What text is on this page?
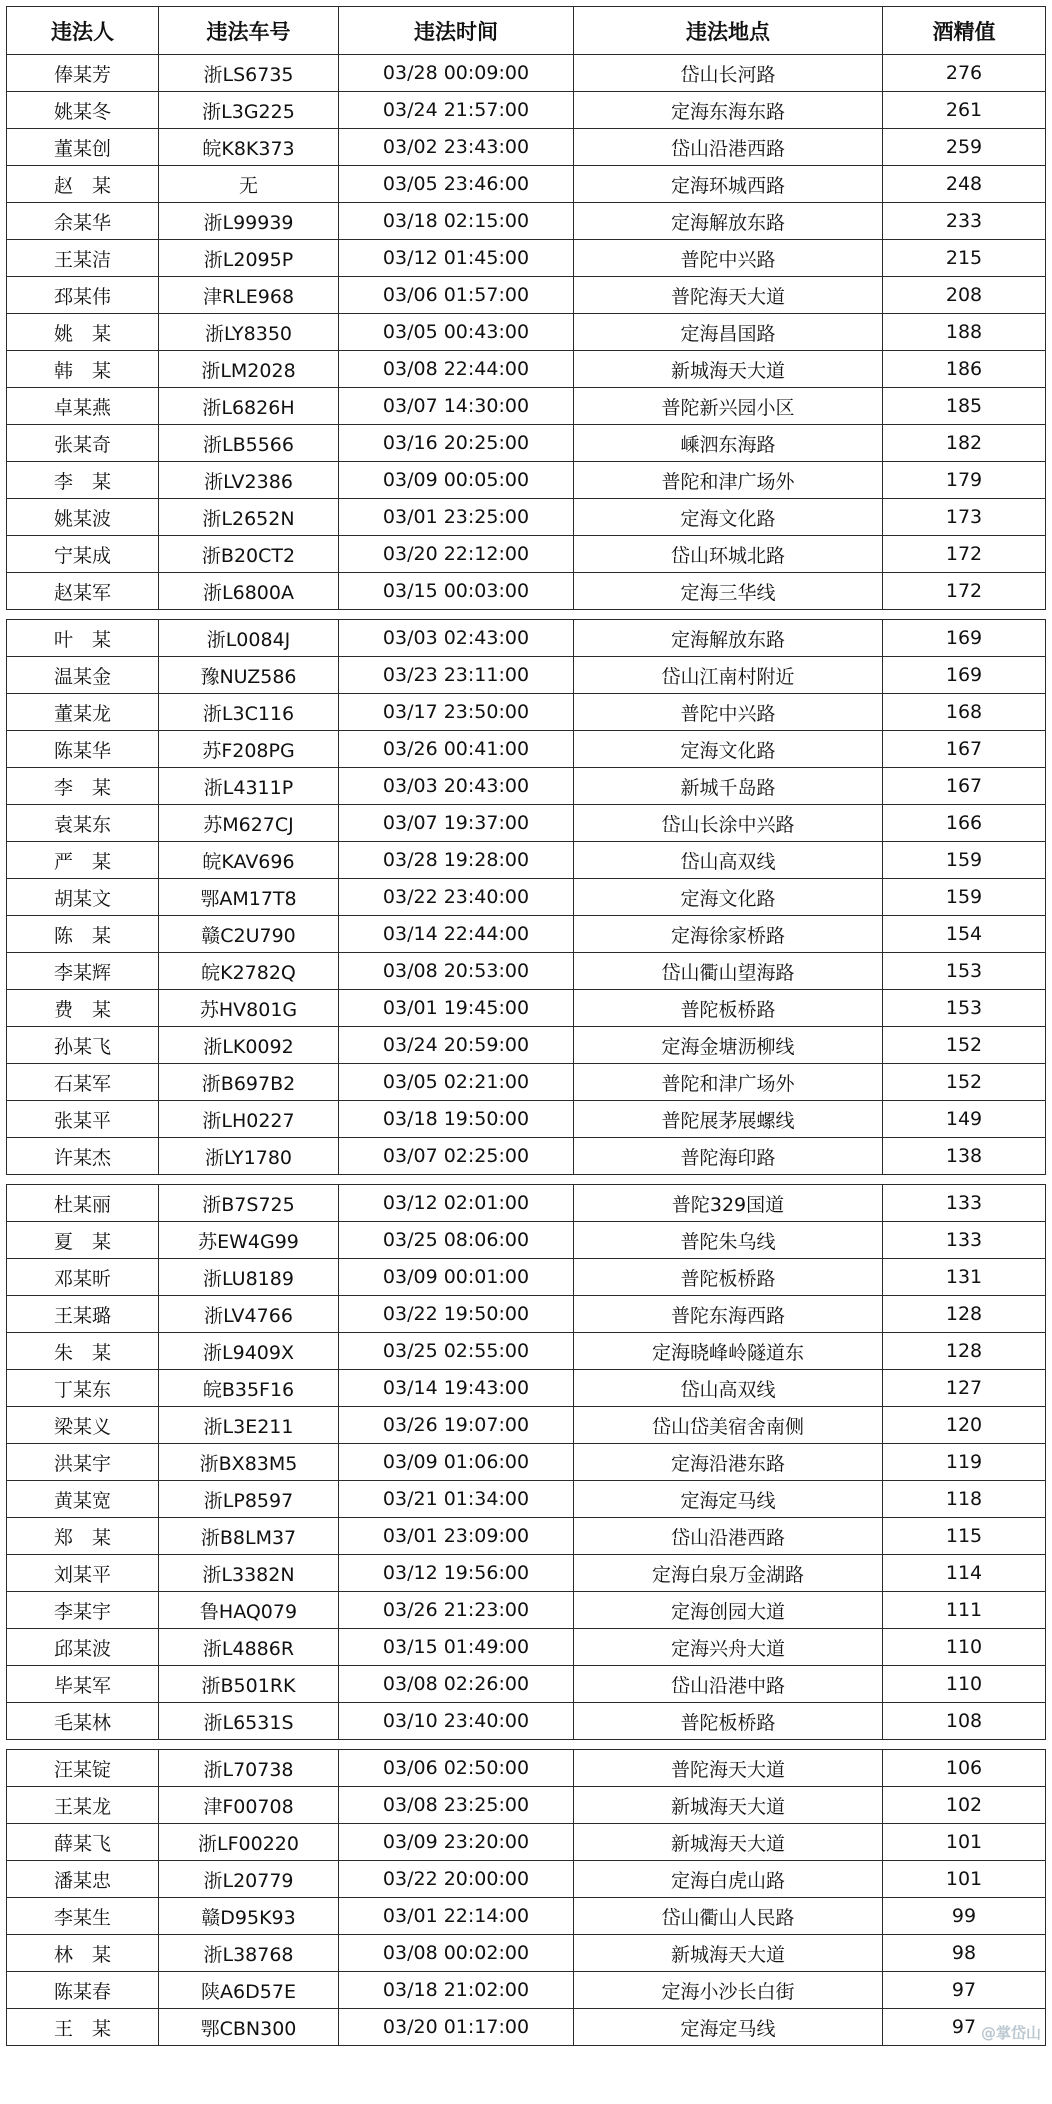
违法人	违法车号	违法时间	违法地点	酒精值
俸某芳	浙LS6735	03/28 00:09:00	岱山长河路	276
姚某冬	浙L3G225	03/24 21:57:00	定海东海东路	261
董某创	皖K8K373	03/02 23:43:00	岱山沿港西路	259
赵　某	无	03/05 23:46:00	定海环城西路	248
余某华	浙L99939	03/18 02:15:00	定海解放东路	233
王某洁	浙L2095P	03/12 01:45:00	普陀中兴路	215
邳某伟	津RLE968	03/06 01:57:00	普陀海天大道	208
姚　某	浙LY8350	03/05 00:43:00	定海昌国路	188
韩　某	浙LM2028	03/08 22:44:00	新城海天大道	186
卓某燕	浙L6826H	03/07 14:30:00	普陀新兴园小区	185
张某奇	浙LB5566	03/16 20:25:00	嵊泗东海路	182
李　某	浙LV2386	03/09 00:05:00	普陀和津广场外	179
姚某波	浙L2652N	03/01 23:25:00	定海文化路	173
宁某成	浙B20CT2	03/20 22:12:00	岱山环城北路	172
赵某军	浙L6800A	03/15 00:03:00	定海三华线	172

叶　某	浙L0084J	03/03 02:43:00	定海解放东路	169
温某金	豫NUZ586	03/23 23:11:00	岱山江南村附近	169
董某龙	浙L3C116	03/17 23:50:00	普陀中兴路	168
陈某华	苏F208PG	03/26 00:41:00	定海文化路	167
李　某	浙L4311P	03/03 20:43:00	新城千岛路	167
袁某东	苏M627CJ	03/07 19:37:00	岱山长涂中兴路	166
严　某	皖KAV696	03/28 19:28:00	岱山高双线	159
胡某文	鄂AM17T8	03/22 23:40:00	定海文化路	159
陈　某	赣C2U790	03/14 22:44:00	定海徐家桥路	154
李某辉	皖K2782Q	03/08 20:53:00	岱山衢山望海路	153
费　某	苏HV801G	03/01 19:45:00	普陀板桥路	153
孙某飞	浙LK0092	03/24 20:59:00	定海金塘沥柳线	152
石某军	浙B697B2	03/05 02:21:00	普陀和津广场外	152
张某平	浙LH0227	03/18 19:50:00	普陀展茅展螺线	149
许某杰	浙LY1780	03/07 02:25:00	普陀海印路	138

杜某丽	浙B7S725	03/12 02:01:00	普陀329国道	133
夏　某	苏EW4G99	03/25 08:06:00	普陀朱乌线	133
邓某昕	浙LU8189	03/09 00:01:00	普陀板桥路	131
王某璐	浙LV4766	03/22 19:50:00	普陀东海西路	128
朱　某	浙L9409X	03/25 02:55:00	定海晓峰岭隧道东	128
丁某东	皖B35F16	03/14 19:43:00	岱山高双线	127
梁某义	浙L3E211	03/26 19:07:00	岱山岱美宿舍南侧	120
洪某宇	浙BX83M5	03/09 01:06:00	定海沿港东路	119
黄某宽	浙LP8597	03/21 01:34:00	定海定马线	118
郑　某	浙B8LM37	03/01 23:09:00	岱山沿港西路	115
刘某平	浙L3382N	03/12 19:56:00	定海白泉万金湖路	114
李某宇	鲁HAQ079	03/26 21:23:00	定海创园大道	111
邱某波	浙L4886R	03/15 01:49:00	定海兴舟大道	110
毕某军	浙B501RK	03/08 02:26:00	岱山沿港中路	110
毛某林	浙L6531S	03/10 23:40:00	普陀板桥路	108

汪某锭	浙L70738	03/06 02:50:00	普陀海天大道	106
王某龙	津F00708	03/08 23:25:00	新城海天大道	102
薛某飞	浙LF00220	03/09 23:20:00	新城海天大道	101
潘某忠	浙L20779	03/22 20:00:00	定海白虎山路	101
李某生	赣D95K93	03/01 22:14:00	岱山衢山人民路	99
林　某	浙L38768	03/08 00:02:00	新城海天大道	98
陈某春	陕A6D57E	03/18 21:02:00	定海小沙长白街	97
王　某	鄂CBN300	03/20 01:17:00	定海定马线	97 @掌岱山
